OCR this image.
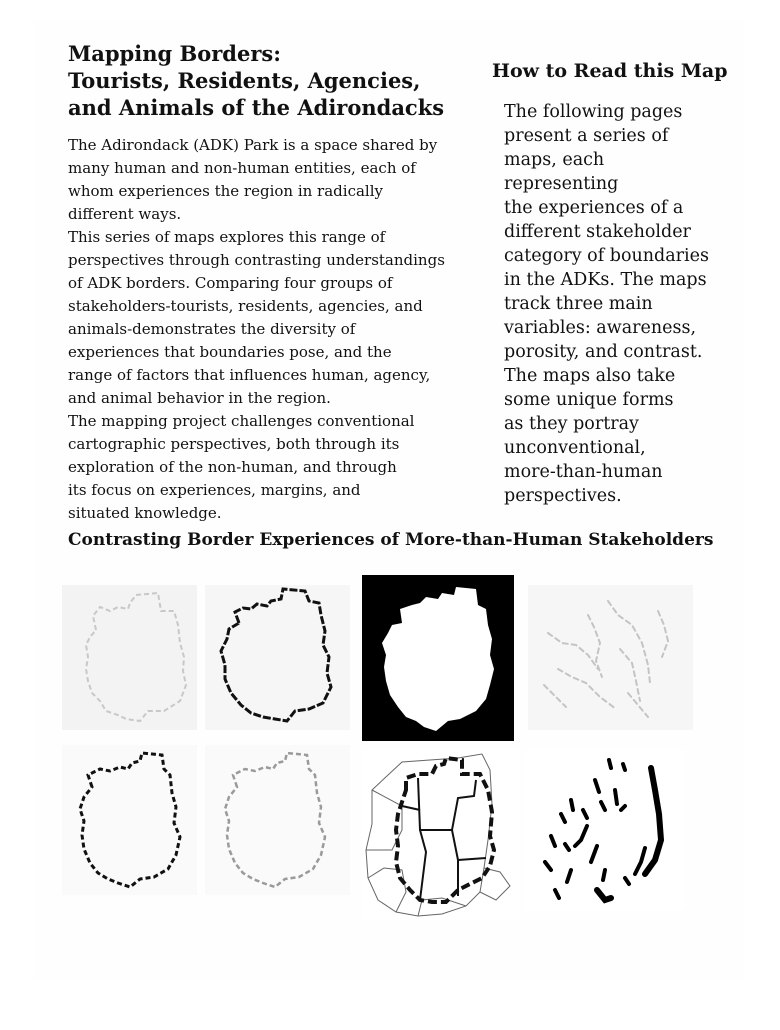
Mapping Borders:
Tourists, Residents, Agencies,
and Animals of the Adirondacks
How to Read this Map
The Adirondack (ADK) Park is a space shared by
many human and non-human entities, each of
whom experiences the region in radically
different ways.
This series of maps explores this range of
perspectives through contrasting understandings
of ADK borders. Comparing four groups of
stakeholders-tourists, residents, agencies, and
animals-demonstrates the diversity of
experiences that boundaries pose, and the
range of factors that influences human, agency,
and animal behavior in the region.
The mapping project challenges conventional
cartographic perspectives, both through its
exploration of the non-human, and through
its focus on experiences, margins, and
situated knowledge.
The following pages
present a series of
maps, each
representing
the experiences of a
different stakeholder
category of boundaries
in the ADKs. The maps
track three main
variables: awareness,
porosity, and contrast.
The maps also take
some unique forms
as they portray
unconventional,
more-than-human
perspectives.
Contrasting Border Experiences of More-than-Human Stakeholders
